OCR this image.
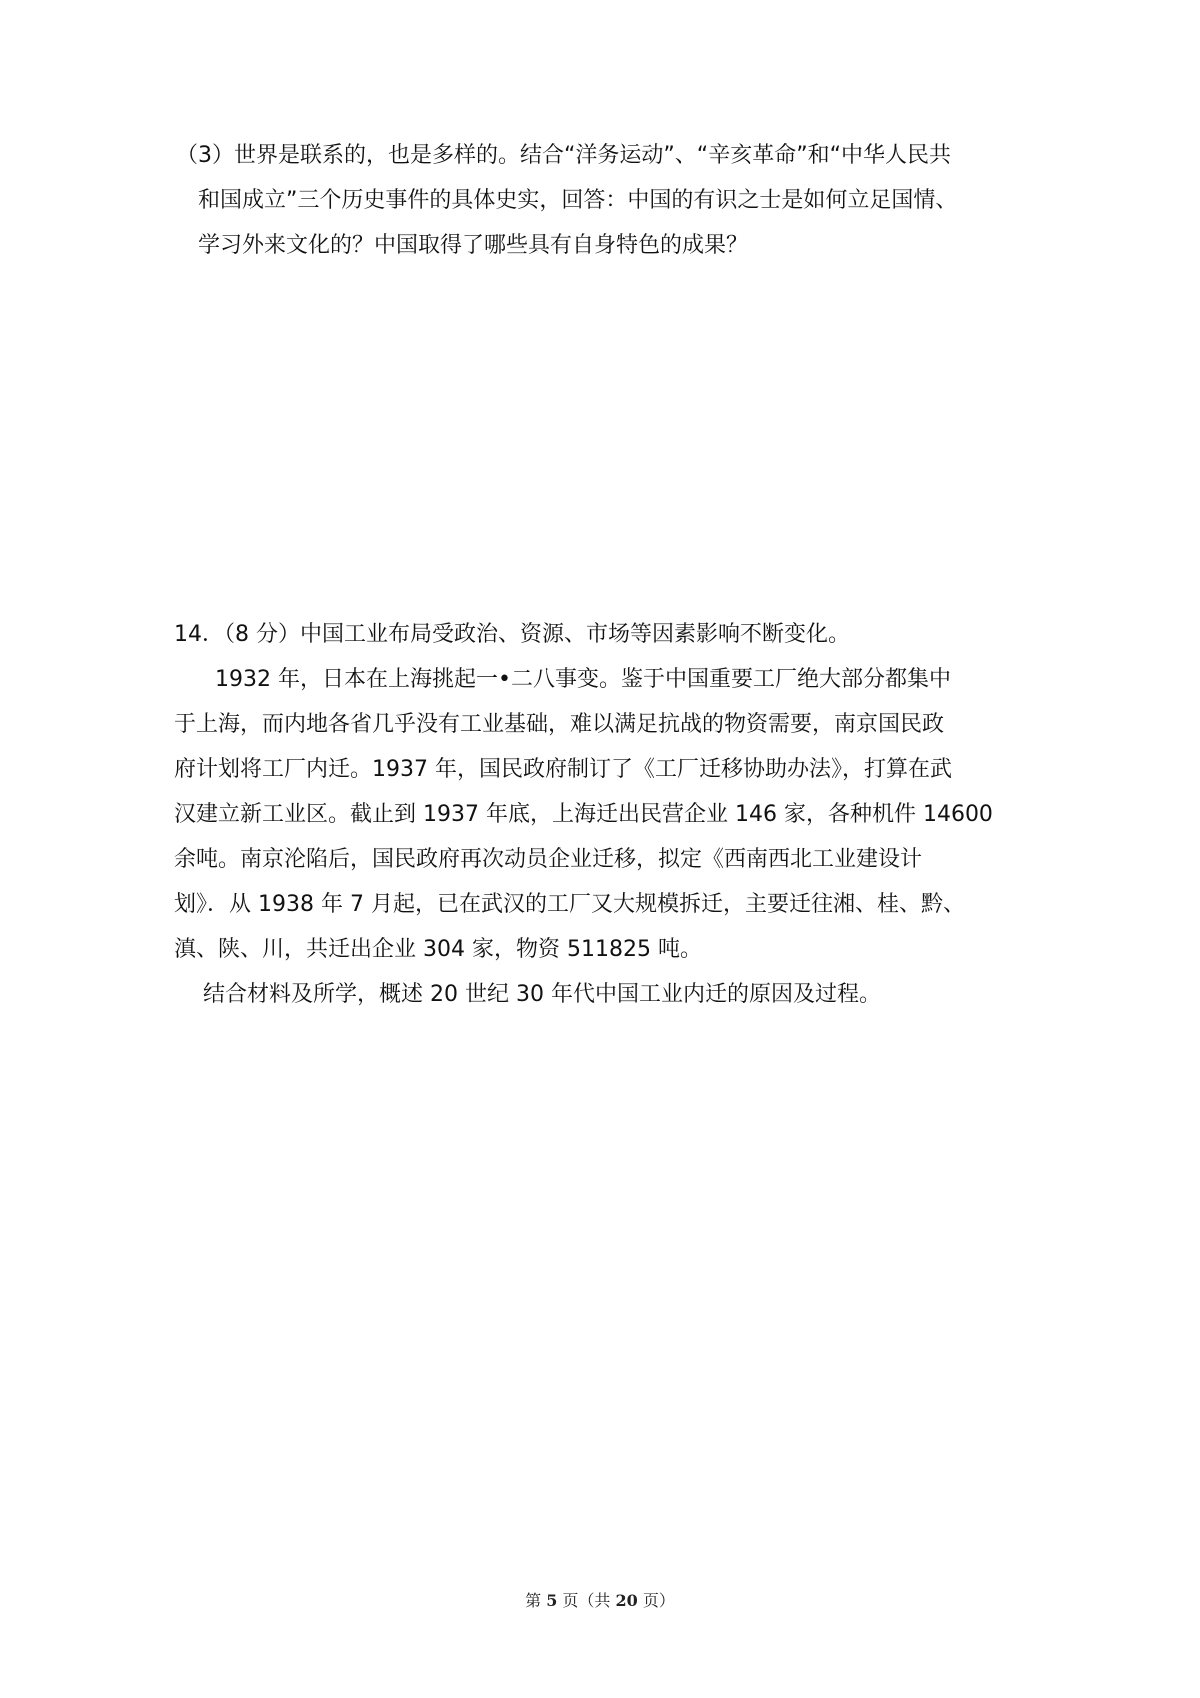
（3）世界是联系的，也是多样的。结合“洋务运动”、“辛亥革命”和“中华人民共
和国成立”三个历史事件的具体史实，回答：中国的有识之士是如何立足国情、
学习外来文化的？中国取得了哪些具有自身特色的成果？
14．（8 分）中国工业布局受政治、资源、市场等因素影响不断变化。
1932 年，日本在上海挑起一•二八事变。鉴于中国重要工厂绝大部分都集中
于上海，而内地各省几乎没有工业基础，难以满足抗战的物资需要，南京国民政
府计划将工厂内迁。1937 年，国民政府制订了《工厂迁移协助办法》，打算在武
汉建立新工业区。截止到 1937 年底，上海迁出民营企业 146 家，各种机件 14600
余吨。南京沦陷后，国民政府再次动员企业迁移，拟定《西南西北工业建设计
划》．从 1938 年 7 月起，已在武汉的工厂又大规模拆迁，主要迁往湘、桂、黔、
滇、陕、川，共迁出企业 304 家，物资 511825 吨。
结合材料及所学，概述 20 世纪 30 年代中国工业内迁的原因及过程。
第 5 页（共 20 页）
